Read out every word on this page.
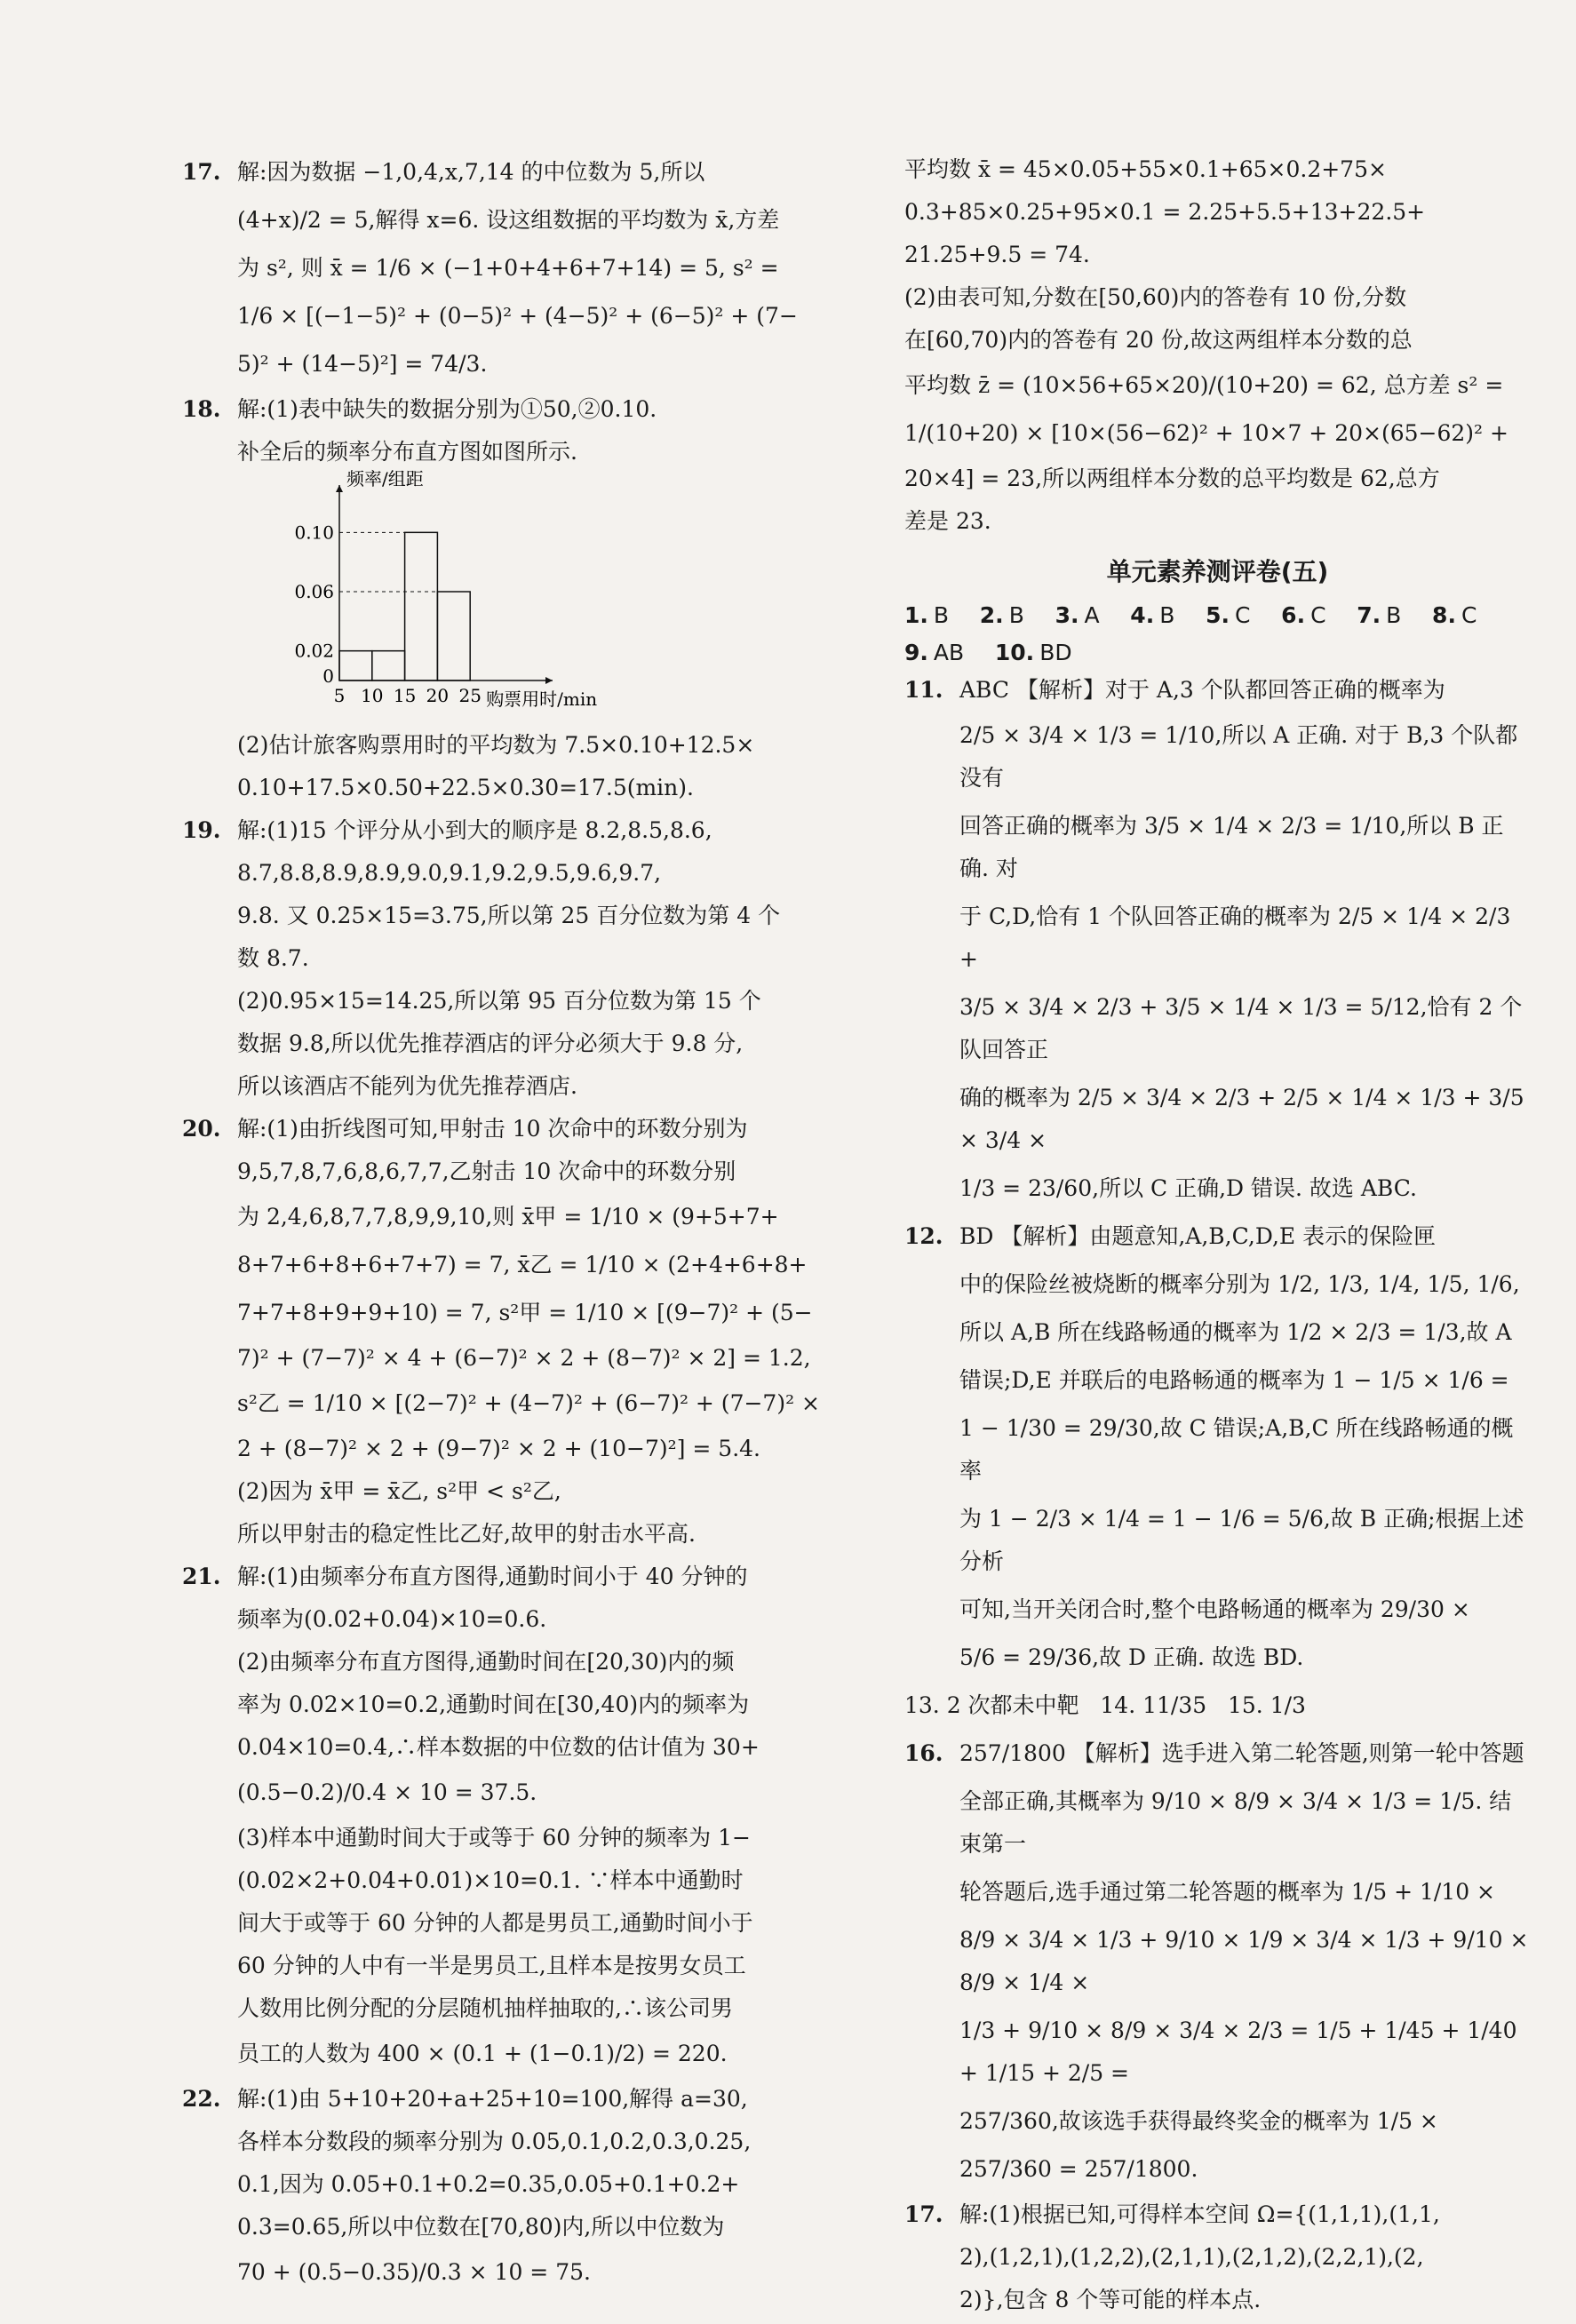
17. 解:因为数据 −1,0,4,x,7,14 的中位数为 5,所以
(4+x)/2 = 5,解得 x=6. 设这组数据的平均数为 x̄,方差
为 s², 则 x̄ = 1/6 × (−1+0+4+6+7+14) = 5, s² =
1/6 × [(−1−5)² + (0−5)² + (4−5)² + (6−5)² + (7−
5)² + (14−5)²] = 74/3.
18. 解:(1)表中缺失的数据分别为①50,②0.10.
补全后的频率分布直方图如图所示.
0.02
0.06
0.10
0
5 10 15 20 25
频率/组距
购票用时/min
(2)估计旅客购票用时的平均数为 7.5×0.10+12.5×
0.10+17.5×0.50+22.5×0.30=17.5(min).
19. 解:(1)15 个评分从小到大的顺序是 8.2,8.5,8.6,
8.7,8.8,8.9,8.9,9.0,9.1,9.2,9.5,9.6,9.7,
9.8. 又 0.25×15=3.75,所以第 25 百分位数为第 4 个
数 8.7.
(2)0.95×15=14.25,所以第 95 百分位数为第 15 个
数据 9.8,所以优先推荐酒店的评分必须大于 9.8 分,
所以该酒店不能列为优先推荐酒店.
20. 解:(1)由折线图可知,甲射击 10 次命中的环数分别为
9,5,7,8,7,6,8,6,7,7,乙射击 10 次命中的环数分别
为 2,4,6,8,7,7,8,9,9,10,则 x̄甲 = 1/10 × (9+5+7+
8+7+6+8+6+7+7) = 7, x̄乙 = 1/10 × (2+4+6+8+
7+7+8+9+9+10) = 7, s²甲 = 1/10 × [(9−7)² + (5−
7)² + (7−7)² × 4 + (6−7)² × 2 + (8−7)² × 2] = 1.2,
s²乙 = 1/10 × [(2−7)² + (4−7)² + (6−7)² + (7−7)² ×
2 + (8−7)² × 2 + (9−7)² × 2 + (10−7)²] = 5.4.
(2)因为 x̄甲 = x̄乙, s²甲 < s²乙,
所以甲射击的稳定性比乙好,故甲的射击水平高.
21. 解:(1)由频率分布直方图得,通勤时间小于 40 分钟的
频率为(0.02+0.04)×10=0.6.
(2)由频率分布直方图得,通勤时间在[20,30)内的频
率为 0.02×10=0.2,通勤时间在[30,40)内的频率为
0.04×10=0.4,∴样本数据的中位数的估计值为 30+
(0.5−0.2)/0.4 × 10 = 37.5.
(3)样本中通勤时间大于或等于 60 分钟的频率为 1−
(0.02×2+0.04+0.01)×10=0.1. ∵样本中通勤时
间大于或等于 60 分钟的人都是男员工,通勤时间小于
60 分钟的人中有一半是男员工,且样本是按男女员工
人数用比例分配的分层随机抽样抽取的,∴该公司男
员工的人数为 400 × (0.1 + (1−0.1)/2) = 220.
22. 解:(1)由 5+10+20+a+25+10=100,解得 a=30,
各样本分数段的频率分别为 0.05,0.1,0.2,0.3,0.25,
0.1,因为 0.05+0.1+0.2=0.35,0.05+0.1+0.2+
0.3=0.65,所以中位数在[70,80)内,所以中位数为
70 + (0.5−0.35)/0.3 × 10 = 75.
平均数 x̄ = 45×0.05+55×0.1+65×0.2+75×
0.3+85×0.25+95×0.1 = 2.25+5.5+13+22.5+
21.25+9.5 = 74.
(2)由表可知,分数在[50,60)内的答卷有 10 份,分数
在[60,70)内的答卷有 20 份,故这两组样本分数的总
平均数 z̄ = (10×56+65×20)/(10+20) = 62, 总方差 s² =
1/(10+20) × [10×(56−62)² + 10×7 + 20×(65−62)² +
20×4] = 23,所以两组样本分数的总平均数是 62,总方
差是 23.
单元素养测评卷(五)
1. B 2. B 3. A 4. B 5. C 6. C 7. B 8. C
9. AB 10. BD
11. ABC 【解析】对于 A,3 个队都回答正确的概率为
2/5 × 3/4 × 1/3 = 1/10,所以 A 正确. 对于 B,3 个队都没有
回答正确的概率为 3/5 × 1/4 × 2/3 = 1/10,所以 B 正确. 对
于 C,D,恰有 1 个队回答正确的概率为 2/5 × 1/4 × 2/3 +
3/5 × 3/4 × 2/3 + 3/5 × 1/4 × 1/3 = 5/12,恰有 2 个队回答正
确的概率为 2/5 × 3/4 × 2/3 + 2/5 × 1/4 × 1/3 + 3/5 × 3/4 ×
1/3 = 23/60,所以 C 正确,D 错误. 故选 ABC.
12. BD 【解析】由题意知,A,B,C,D,E 表示的保险匣
中的保险丝被烧断的概率分别为 1/2, 1/3, 1/4, 1/5, 1/6,
所以 A,B 所在线路畅通的概率为 1/2 × 2/3 = 1/3,故 A
错误;D,E 并联后的电路畅通的概率为 1 − 1/5 × 1/6 =
1 − 1/30 = 29/30,故 C 错误;A,B,C 所在线路畅通的概率
为 1 − 2/3 × 1/4 = 1 − 1/6 = 5/6,故 B 正确;根据上述分析
可知,当开关闭合时,整个电路畅通的概率为 29/30 ×
5/6 = 29/36,故 D 正确. 故选 BD.
13. 2 次都未中靶   14. 11/35   15. 1/3
16. 257/1800 【解析】选手进入第二轮答题,则第一轮中答题
全部正确,其概率为 9/10 × 8/9 × 3/4 × 1/3 = 1/5. 结束第一
轮答题后,选手通过第二轮答题的概率为 1/5 + 1/10 ×
8/9 × 3/4 × 1/3 + 9/10 × 1/9 × 3/4 × 1/3 + 9/10 × 8/9 × 1/4 ×
1/3 + 9/10 × 8/9 × 3/4 × 2/3 = 1/5 + 1/45 + 1/40 + 1/15 + 2/5 =
257/360,故该选手获得最终奖金的概率为 1/5 ×
257/360 = 257/1800.
17. 解:(1)根据已知,可得样本空间 Ω={(1,1,1),(1,1,
2),(1,2,1),(1,2,2),(2,1,1),(2,1,2),(2,2,1),(2,
2)},包含 8 个等可能的样本点.
